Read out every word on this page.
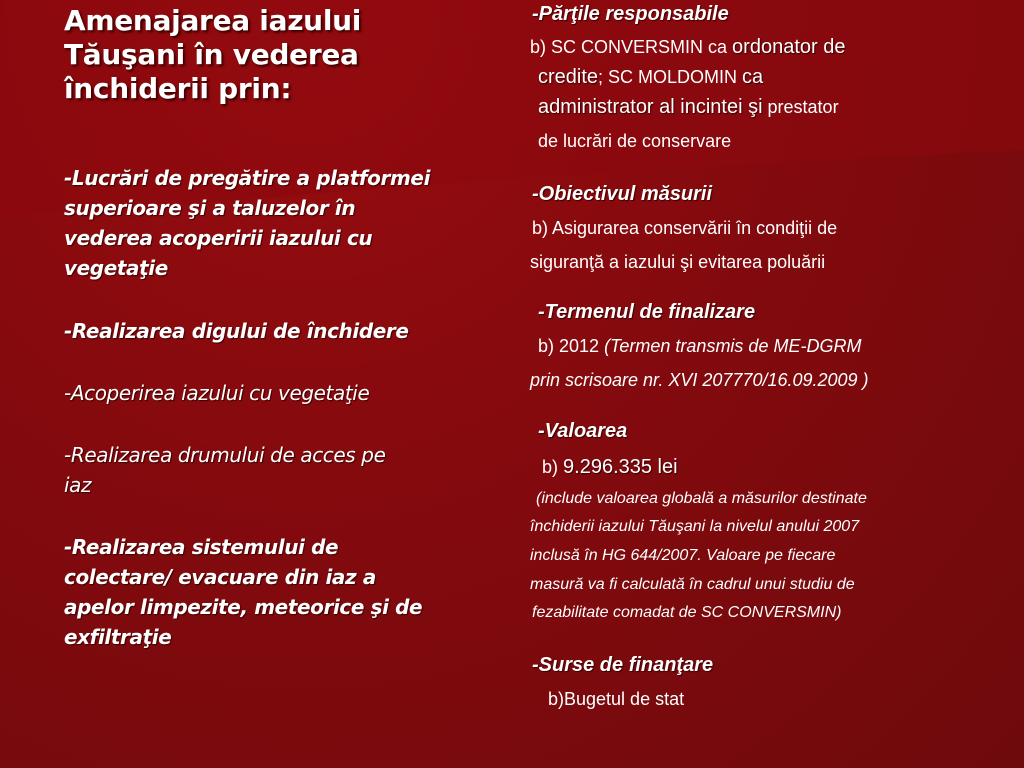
Amenajarea iazului
Tăuşani în vederea
închiderii prin:

-Lucrări de pregătire a platformei
superioare şi a taluzelor în
vederea acoperirii iazului cu
vegetaţie
-Realizarea digului de închidere
-Acoperirea iazului cu vegetaţie
-Realizarea drumului de acces pe
iaz
-Realizarea sistemului de
colectare/ evacuare din iaz a
apelor limpezite, meteorice şi de
exfiltraţie
-Părţile responsabile
b) SC CONVERSMIN ca ordonator de
credite; SC MOLDOMIN ca
administrator al incintei şi prestator
de lucrări de conservare
-Obiectivul măsurii
b) Asigurarea conservării în condiţii de
siguranţă a iazului şi evitarea poluării
-Termenul de finalizare
b) 2012 (Termen transmis de ME-DGRM
prin scrisoare nr. XVI 207770/16.09.2009 )
-Valoarea
b) 9.296.335 lei
(include valoarea globală a măsurilor destinate
închiderii iazului Tăuşani la nivelul anului 2007
inclusă în HG 644/2007. Valoare pe fiecare
masură va fi calculată în cadrul unui studiu de
fezabilitate comadat de SC CONVERSMIN)
-Surse de finanţare
b)Bugetul de stat
